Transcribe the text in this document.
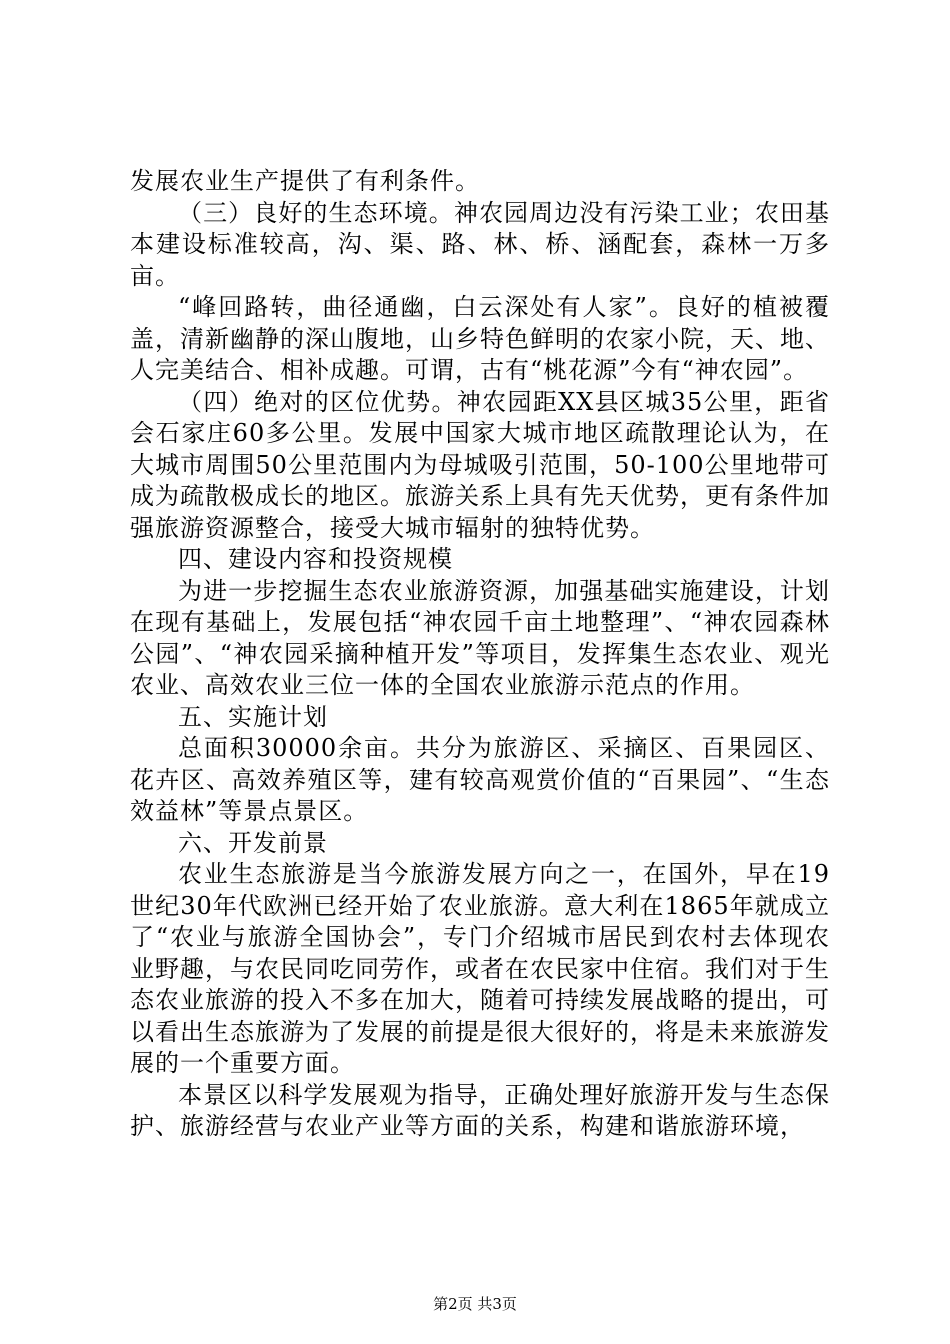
发展农业生产提供了有利条件。

（三）良好的生态环境。神农园周边没有污染工业；农田基本建设标准较高，沟、渠、路、林、桥、涵配套，森林一万多亩。

“峰回路转，曲径通幽，白云深处有人家”。良好的植被覆盖，清新幽静的深山腹地，山乡特色鲜明的农家小院，天、地、人完美结合、相补成趣。可谓，古有“桃花源”今有“神农园”。

（四）绝对的区位优势。神农园距XX县区城35公里，距省会石家庄60多公里。发展中国家大城市地区疏散理论认为，在大城市周围50公里范围内为母城吸引范围，50-100公里地带可成为疏散极成长的地区。旅游关系上具有先天优势，更有条件加强旅游资源整合，接受大城市辐射的独特优势。

四、建设内容和投资规模

为进一步挖掘生态农业旅游资源，加强基础实施建设，计划在现有基础上，发展包括“神农园千亩土地整理”、“神农园森林公园”、“神农园采摘种植开发”等项目，发挥集生态农业、观光农业、高效农业三位一体的全国农业旅游示范点的作用。

五、实施计划

总面积30000余亩。共分为旅游区、采摘区、百果园区、花卉区、高效养殖区等，建有较高观赏价值的“百果园”、“生态效益林”等景点景区。

六、开发前景

农业生态旅游是当今旅游发展方向之一，在国外，早在19世纪30年代欧洲已经开始了农业旅游。意大利在1865年就成立了“农业与旅游全国协会”，专门介绍城市居民到农村去体现农业野趣，与农民同吃同劳作，或者在农民家中住宿。我们对于生态农业旅游的投入不多在加大，随着可持续发展战略的提出，可以看出生态旅游为了发展的前提是很大很好的，将是未来旅游发展的一个重要方面。

本景区以科学发展观为指导，正确处理好旅游开发与生态保护、旅游经营与农业产业等方面的关系，构建和谐旅游环境，

第2页 共3页
